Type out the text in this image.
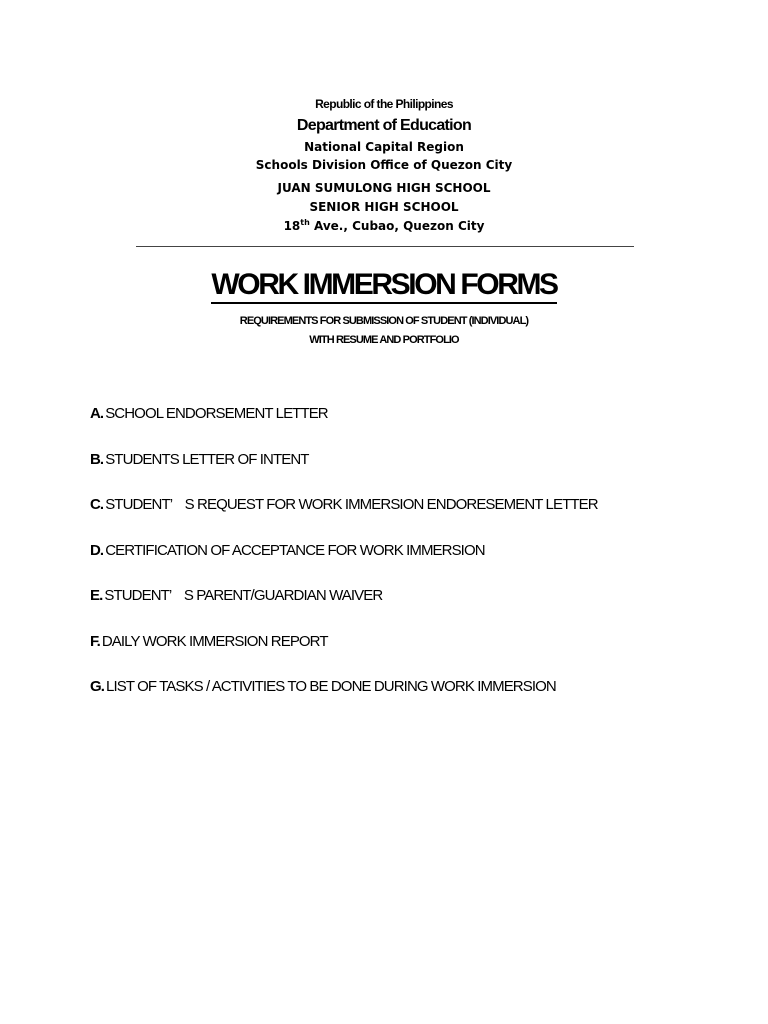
Republic of the Philippines
Department of Education
National Capital Region
Schools Division Office of Quezon City
JUAN SUMULONG HIGH SCHOOL
SENIOR HIGH SCHOOL
18th Ave., Cubao, Quezon City
WORK IMMERSION FORMS
REQUIREMENTS FOR SUBMISSION OF STUDENT (INDIVIDUAL)
WITH RESUME AND PORTFOLIO
A. SCHOOL ENDORSEMENT LETTER
B. STUDENTS LETTER OF INTENT
C. STUDENT’    S REQUEST FOR WORK IMMERSION ENDORESEMENT LETTER
D. CERTIFICATION OF ACCEPTANCE FOR WORK IMMERSION
E. STUDENT’    S PARENT/GUARDIAN WAIVER
F. DAILY WORK IMMERSION REPORT
G. LIST OF TASKS / ACTIVITIES TO BE DONE DURING WORK IMMERSION
